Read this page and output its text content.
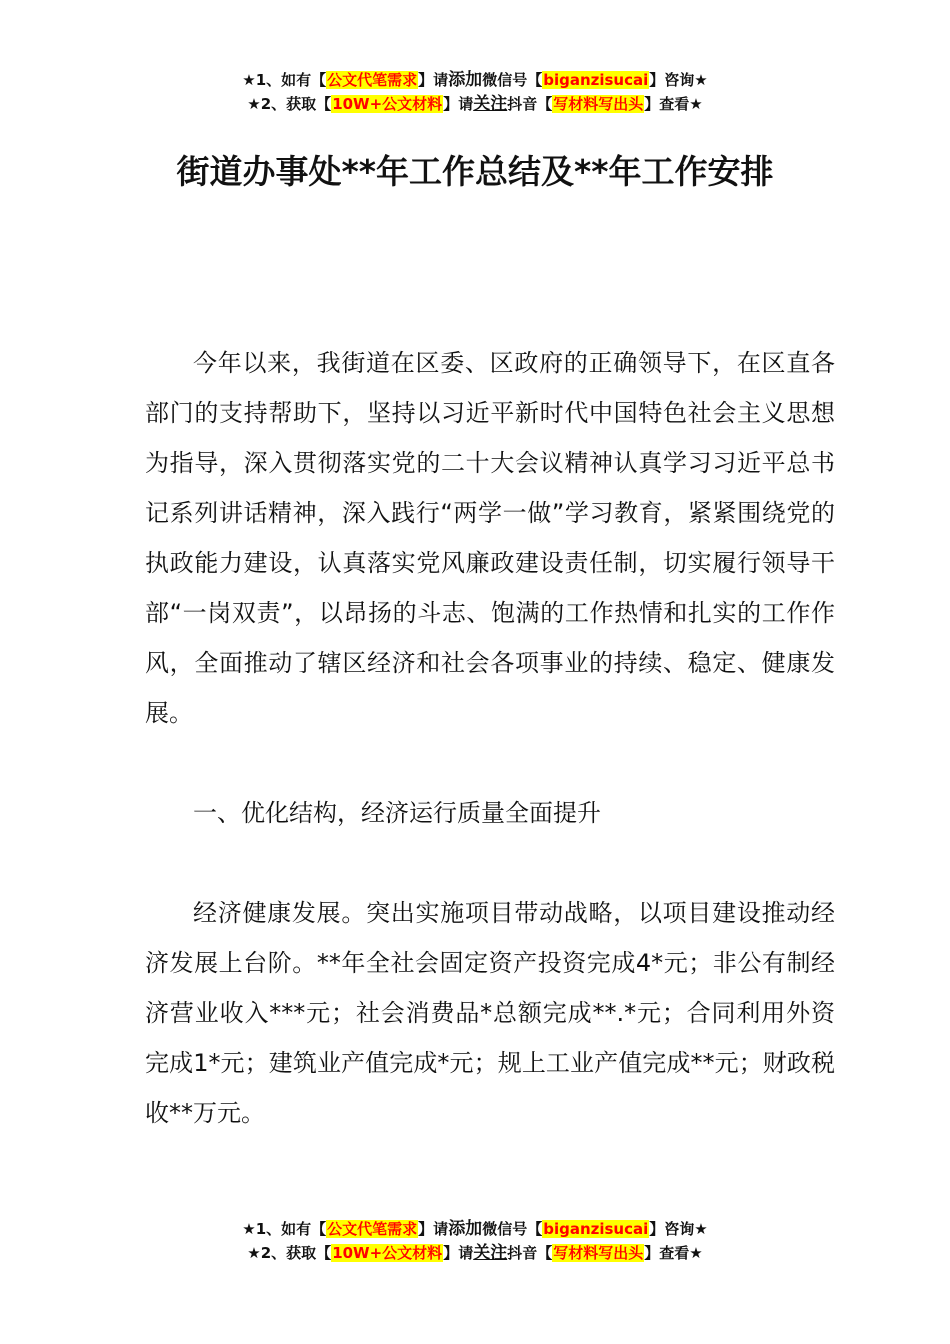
★1、如有【公文代笔需求】请添加微信号【biganzisucai】咨询★
★2、获取【10W+公文材料】请关注抖音【写材料写出头】查看★
街道办事处**年工作总结及**年工作安排

今年以来，我街道在区委、区政府的正确领导下，在区直各部门的支持帮助下，坚持以习近平新时代中国特色社会主义思想为指导，深入贯彻落实党的二十大会议精神认真学习习近平总书记系列讲话精神，深入践行“两学一做”学习教育，紧紧围绕党的执政能力建设，认真落实党风廉政建设责任制，切实履行领导干部“一岗双责”，以昂扬的斗志、饱满的工作热情和扎实的工作作风，全面推动了辖区经济和社会各项事业的持续、稳定、健康发展。

一、优化结构，经济运行质量全面提升

经济健康发展。突出实施项目带动战略，以项目建设推动经济发展上台阶。**年全社会固定资产投资完成4*元；非公有制经济营业收入***元；社会消费品*总额完成**.*元；合同利用外资完成1*元；建筑业产值完成*元；规上工业产值完成**元；财政税收**万元。

★1、如有【公文代笔需求】请添加微信号【biganzisucai】咨询★
★2、获取【10W+公文材料】请关注抖音【写材料写出头】查看★
